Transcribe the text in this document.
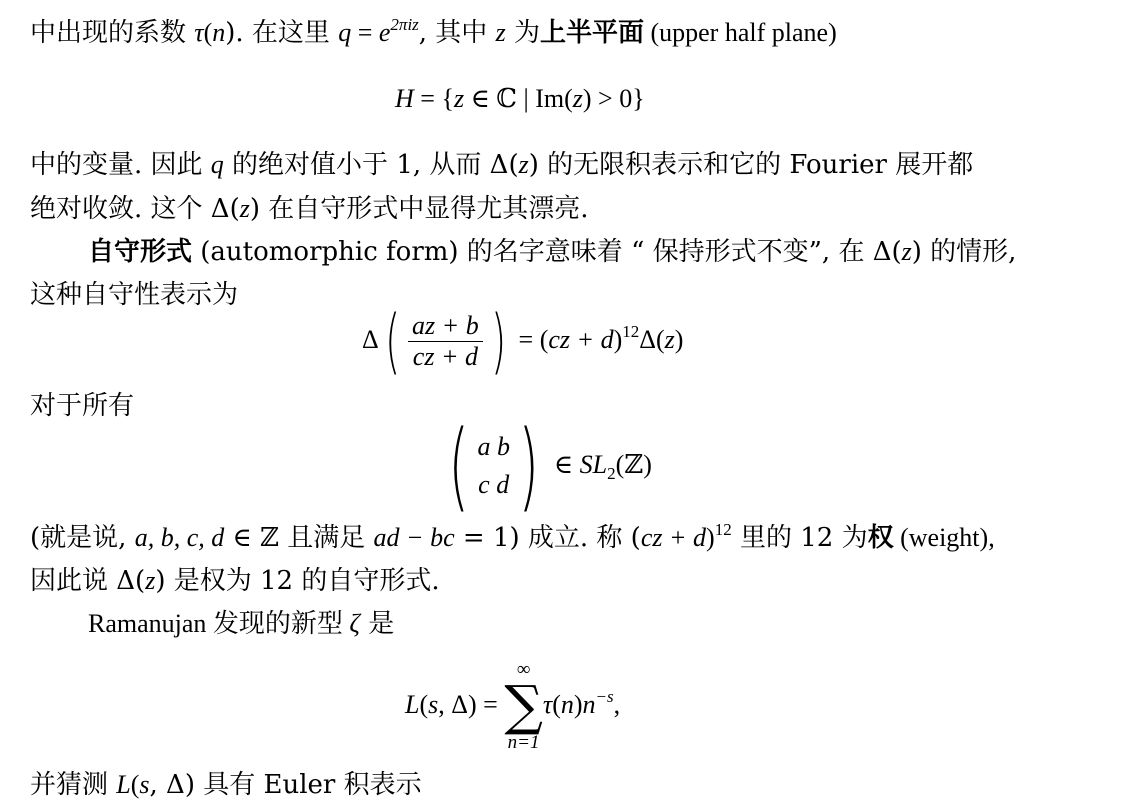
中出现的系数 τ(n). 在这里 $q = e^{2\pi iz}$, 其中 z 为上半平面 (upper half plane)
H = {z ∈ ℂ | Im(z) > 0}
中的变量. 因此 q 的绝对值小于 1, 从而 Δ(z) 的无限积表示和它的 Fourier 展开都
绝对收敛. 这个 Δ(z) 在自守形式中显得尤其漂亮.
自守形式 (automorphic form) 的名字意味着 “ 保持形式不变”, 在 Δ(z) 的情形,
这种自守性表示为
$\Delta( \frac{az + b}{cz + d}$ ) = (cz + d)$^{12}$Δ(z)
对于所有
( a b
c d ) ∈ $SL_2(ℤ)$
(就是说, a, b, c, d ∈ ℤ 且满足 ad − bc = 1) 成立. 称 (cz + d)$^{12}$ 里的 12 为权 (weight),
因此说 Δ(z) 是权为 12 的自守形式.
Ramanujan 发现的新型 ζ 是
L(s, Δ) =
∞
∑
n=1
$\tau(n)n^{-s}$,
并猜测 L(s, Δ) 具有 Euler 积表示
